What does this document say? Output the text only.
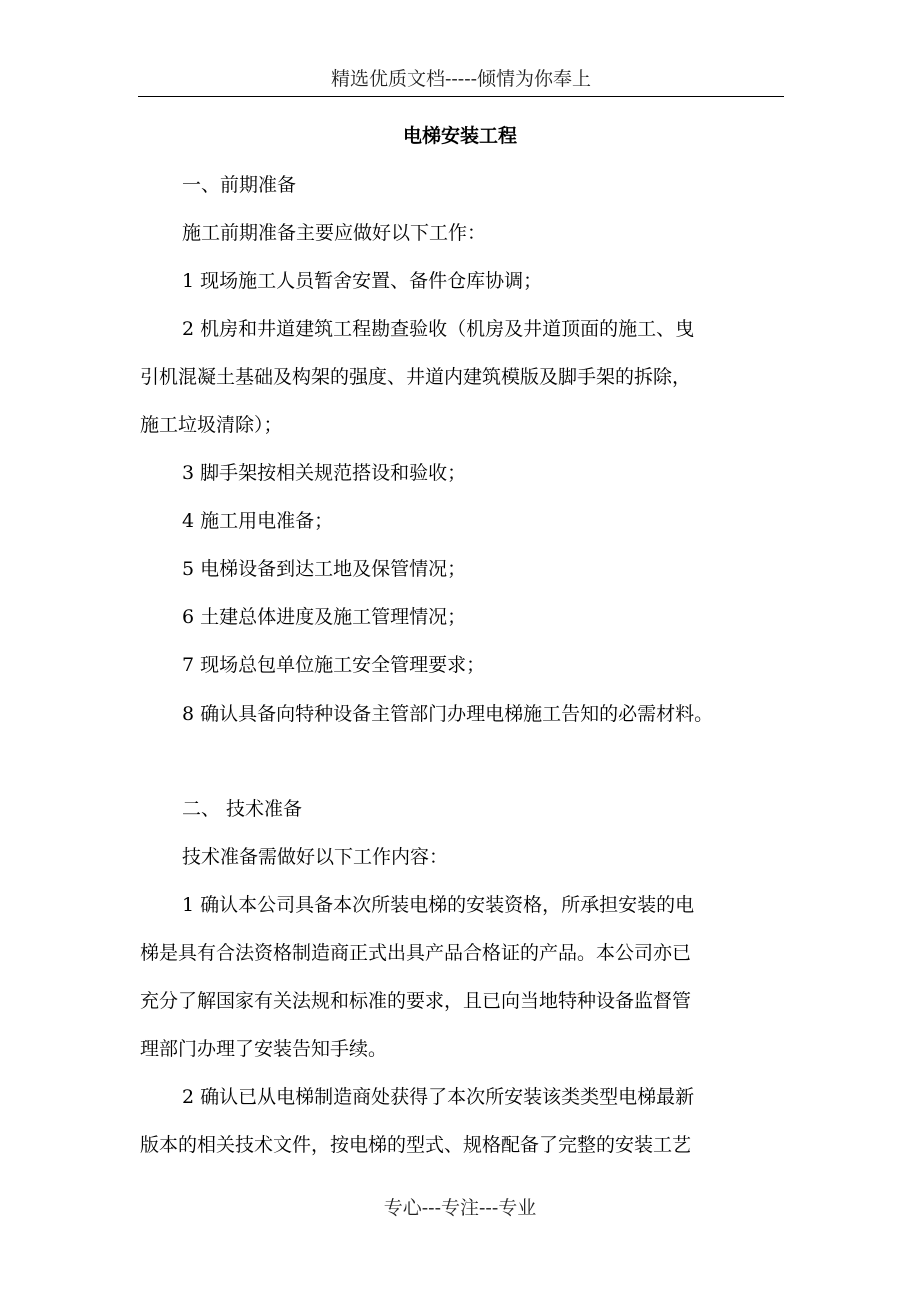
精选优质文档-----倾情为你奉上
电梯安装工程
一、前期准备
施工前期准备主要应做好以下工作：
1 现场施工人员暂舍安置、备件仓库协调；
2 机房和井道建筑工程勘查验收（机房及井道顶面的施工、曳
引机混凝土基础及构架的强度、井道内建筑模版及脚手架的拆除，
施工垃圾清除）；
3 脚手架按相关规范搭设和验收；
4 施工用电准备；
5 电梯设备到达工地及保管情况；
6 土建总体进度及施工管理情况；
7 现场总包单位施工安全管理要求；
8 确认具备向特种设备主管部门办理电梯施工告知的必需材料。
二、 技术准备
技术准备需做好以下工作内容：
1 确认本公司具备本次所装电梯的安装资格，所承担安装的电
梯是具有合法资格制造商正式出具产品合格证的产品。本公司亦已
充分了解国家有关法规和标准的要求，且已向当地特种设备监督管
理部门办理了安装告知手续。
2 确认已从电梯制造商处获得了本次所安装该类类型电梯最新
版本的相关技术文件，按电梯的型式、规格配备了完整的安装工艺
专心---专注---专业
